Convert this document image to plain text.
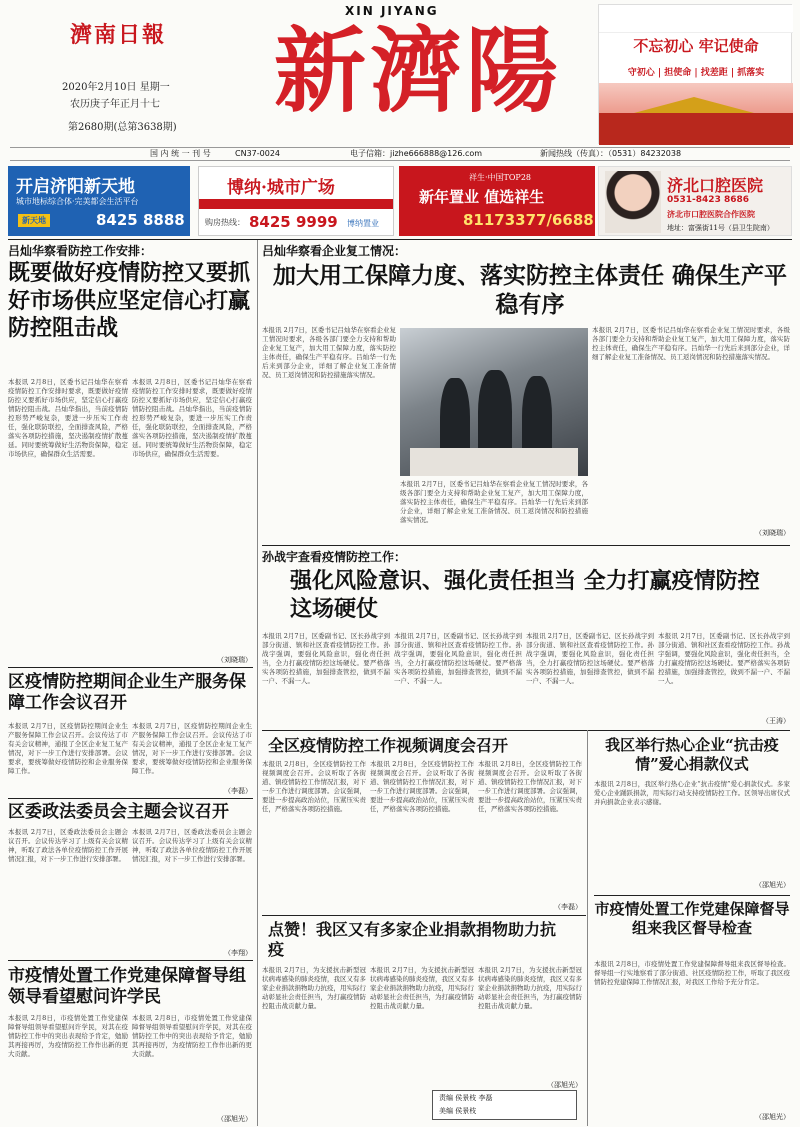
濟南日報
2020年2月10日 星期一
农历庚子年正月十七
第2680期(总第3638期)
XIN JIYANG
新濟陽	不忘初心 牢记使命
守初心 | 担使命 | 找差距 | 抓落实
国 内 统 一 刊 号	CN37-0024	电子信箱：jizhe666888@126.com	新闻热线（传真）：（0531）84232038
开启济阳新天地
城市地标综合体·完美都会生活平台
新天地	8425 8888
博纳·城市广场
购房热线： 8425 9999 博纳置业
祥生·中国TOP28
新年置业 值选祥生
81173377/6688
济北口腔医院
0531-8423 8686
济北市口腔医院合作医院
地址：富强街11号（县卫生院南）
吕灿华察看防控工作安排：
既要做好疫情防控又要抓好市场供应坚定信心打赢防控阻击战
本报讯 2月8日，区委书记吕灿华在察看疫情防控工作安排时要求，既要做好疫情防控又要抓好市场供应，坚定信心打赢疫情防控阻击战。吕灿华指出，当前疫情防控形势严峻复杂，要进一步压实工作责任，强化联防联控，全面排查风险，严格落实各项防控措施，坚决遏制疫情扩散蔓延。同时要统筹做好生活物资保障，稳定市场供应，确保群众生活需要。
本报讯 2月8日，区委书记吕灿华在察看疫情防控工作安排时要求，既要做好疫情防控又要抓好市场供应，坚定信心打赢疫情防控阻击战。吕灿华指出，当前疫情防控形势严峻复杂，要进一步压实工作责任，强化联防联控，全面排查风险，严格落实各项防控措施，坚决遏制疫情扩散蔓延。同时要统筹做好生活物资保障，稳定市场供应，确保群众生活需要。
（刘晓瑞）
吕灿华察看企业复工情况：
加大用工保障力度、落实防控主体责任 确保生产平稳有序
本报讯 2月7日，区委书记吕灿华在察看企业复工情况时要求，各级各部门要全力支持和帮助企业复工复产，加大用工保障力度，落实防控主体责任，确保生产平稳有序。吕灿华一行先后来到部分企业，详细了解企业复工准备情况、员工返岗情况和防控措施落实情况。
本报讯 2月7日，区委书记吕灿华在察看企业复工情况时要求，各级各部门要全力支持和帮助企业复工复产，加大用工保障力度，落实防控主体责任，确保生产平稳有序。吕灿华一行先后来到部分企业，详细了解企业复工准备情况、员工返岗情况和防控措施落实情况。
本报讯 2月7日，区委书记吕灿华在察看企业复工情况时要求，各级各部门要全力支持和帮助企业复工复产，加大用工保障力度，落实防控主体责任，确保生产平稳有序。吕灿华一行先后来到部分企业，详细了解企业复工准备情况、员工返岗情况和防控措施落实情况。
（刘晓瑞）
孙战宇查看疫情防控工作：
强化风险意识、强化责任担当 全力打赢疫情防控这场硬仗
本报讯 2月7日，区委副书记、区长孙战宇到部分街道、镇和社区查看疫情防控工作。孙战宇强调，要强化风险意识，强化责任担当，全力打赢疫情防控这场硬仗。要严格落实各项防控措施，加强排查管控，做到不漏一户、不漏一人。
本报讯 2月7日，区委副书记、区长孙战宇到部分街道、镇和社区查看疫情防控工作。孙战宇强调，要强化风险意识，强化责任担当，全力打赢疫情防控这场硬仗。要严格落实各项防控措施，加强排查管控，做到不漏一户、不漏一人。
本报讯 2月7日，区委副书记、区长孙战宇到部分街道、镇和社区查看疫情防控工作。孙战宇强调，要强化风险意识，强化责任担当，全力打赢疫情防控这场硬仗。要严格落实各项防控措施，加强排查管控，做到不漏一户、不漏一人。
本报讯 2月7日，区委副书记、区长孙战宇到部分街道、镇和社区查看疫情防控工作。孙战宇强调，要强化风险意识，强化责任担当，全力打赢疫情防控这场硬仗。要严格落实各项防控措施，加强排查管控，做到不漏一户、不漏一人。
（王涛）
区疫情防控期间企业生产服务保障工作会议召开
本报讯 2月7日，区疫情防控期间企业生产服务保障工作会议召开。会议传达了市有关会议精神，通报了全区企业复工复产情况，对下一步工作进行安排部署。会议要求，要统筹做好疫情防控和企业服务保障工作。
本报讯 2月7日，区疫情防控期间企业生产服务保障工作会议召开。会议传达了市有关会议精神，通报了全区企业复工复产情况，对下一步工作进行安排部署。会议要求，要统筹做好疫情防控和企业服务保障工作。
（李磊）
区委政法委员会主题会议召开
本报讯 2月7日，区委政法委员会主题会议召开。会议传达学习了上级有关会议精神，听取了政法各单位疫情防控工作开展情况汇报，对下一步工作进行安排部署。
本报讯 2月7日，区委政法委员会主题会议召开。会议传达学习了上级有关会议精神，听取了政法各单位疫情防控工作开展情况汇报，对下一步工作进行安排部署。
（李翔）
市疫情处置工作党建保障督导组领导看望慰问许学民
本报讯 2月8日，市疫情处置工作党建保障督导组领导看望慰问许学民，对其在疫情防控工作中的突出表现给予肯定，勉励其再接再厉，为疫情防控工作作出新的更大贡献。
本报讯 2月8日，市疫情处置工作党建保障督导组领导看望慰问许学民，对其在疫情防控工作中的突出表现给予肯定，勉励其再接再厉，为疫情防控工作作出新的更大贡献。
（邵旭光）
全区疫情防控工作视频调度会召开
本报讯 2月8日，全区疫情防控工作视频调度会召开。会议听取了各街道、镇疫情防控工作情况汇报，对下一步工作进行调度部署。会议强调，要进一步提高政治站位，压紧压实责任，严格落实各项防控措施。
本报讯 2月8日，全区疫情防控工作视频调度会召开。会议听取了各街道、镇疫情防控工作情况汇报，对下一步工作进行调度部署。会议强调，要进一步提高政治站位，压紧压实责任，严格落实各项防控措施。
本报讯 2月8日，全区疫情防控工作视频调度会召开。会议听取了各街道、镇疫情防控工作情况汇报，对下一步工作进行调度部署。会议强调，要进一步提高政治站位，压紧压实责任，严格落实各项防控措施。
（李磊）
点赞！我区又有多家企业捐款捐物助力抗疫
本报讯 2月7日，为支援抗击新型冠状病毒感染的肺炎疫情，我区又有多家企业捐款捐物助力抗疫，用实际行动彰显社会责任担当，为打赢疫情防控阻击战贡献力量。
本报讯 2月7日，为支援抗击新型冠状病毒感染的肺炎疫情，我区又有多家企业捐款捐物助力抗疫，用实际行动彰显社会责任担当，为打赢疫情防控阻击战贡献力量。
本报讯 2月7日，为支援抗击新型冠状病毒感染的肺炎疫情，我区又有多家企业捐款捐物助力抗疫，用实际行动彰显社会责任担当，为打赢疫情防控阻击战贡献力量。
（邵旭光）
我区举行热心企业“抗击疫情”爱心捐款仪式
本报讯 2月8日，我区举行热心企业“抗击疫情”爱心捐款仪式。多家爱心企业踊跃捐款，用实际行动支持疫情防控工作。区领导出席仪式并向捐款企业表示感谢。
（邵旭光）
市疫情处置工作党建保障督导组来我区督导检查
本报讯 2月8日，市疫情处置工作党建保障督导组来我区督导检查。督导组一行实地察看了部分街道、社区疫情防控工作，听取了我区疫情防控党建保障工作情况汇报，对我区工作给予充分肯定。
（邵旭光）
责编 侯景枝 李磊
美编 侯景枝
